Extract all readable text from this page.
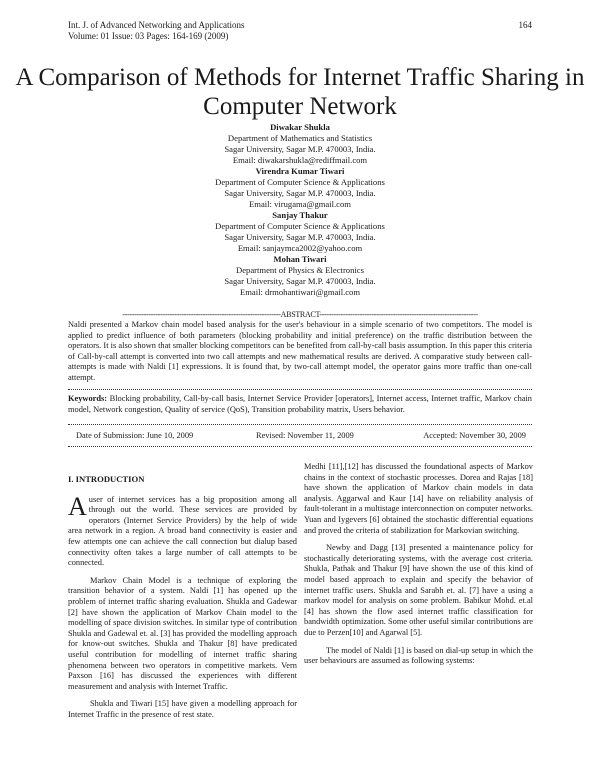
Int. J. of Advanced Networking and Applications
Volume: 01 Issue: 03 Pages: 164-169 (2009)
164
A Comparison of Methods for Internet Traffic Sharing in Computer Network
Diwakar Shukla
Department of Mathematics and Statistics
Sagar University, Sagar M.P. 470003, India.
Email: diwakarshukla@rediffmail.com
Virendra Kumar Tiwari
Department of Computer Science & Applications
Sagar University, Sagar M.P. 470003, India.
Email: virugama@gmail.com
Sanjay Thakur
Department of Computer Science & Applications
Sagar University, Sagar M.P. 470003, India.
Email: sanjaymca2002@yahoo.com
Mohan Tiwari
Department of Physics & Electronics
Sagar University, Sagar M.P. 470003, India.
Email: drmohantiwari@gmail.com
-------------------------------------------------------------------ABSTRACT-------------------------------------------------------------------
Naldi presented a Markov chain model based analysis for the user's behaviour in a simple scenario of two competitors. The model is applied to predict influence of both parameters (blocking probability and initial preference) on the traffic distribution between the operators. It is also shown that smaller blocking competitors can be benefited from call-by-call basis assumption. In this paper this criteria of Call-by-call attempt is converted into two call attempts and new mathematical results are derived. A comparative study between call-attempts is made with Naldi [1] expressions. It is found that, by two-call attempt model, the operator gains more traffic than one-call attempt.
Keywords: Blocking probability, Call-by-call basis, Internet Service Provider [operators], Internet access, Internet traffic, Markov chain model, Network congestion, Quality of service (QoS), Transition probability matrix, Users behavior.
Date of Submission: June 10, 2009	Revised: November 11, 2009	Accepted: November 30, 2009

I. INTRODUCTION

Auser of internet services has a big proposition among all through out the world. These services are provided by operators (Internet Service Providers) by the help of wide area network in a region. A broad band connectivity is easier and few attempts one can achieve the call connection but dialup based connectivity often takes a large number of call attempts to be connected.

Markov Chain Model is a technique of exploring the transition behavior of a system. Naldi [1] has opened up the problem of internet traffic sharing evaluation. Shukla and Gadewar [2] have shown the application of Markov Chain model to the modelling of space division switches. In similar type of contribution Shukla and Gadewal et. al. [3] has provided the modelling approach for know-out switches. Shukla and Thakur [8] have predicated useful contribution for modelling of internet traffic sharing phenomena between two operators in competitive markets. Vern Paxson [16] has discussed the experiences with different measurement and analysis with Internet Traffic.

Shukla and Tiwari [15] have given a modelling approach for Internet Traffic in the presence of rest state.

Medhi [11],[12] has discussed the foundational aspects of Markov chains in the context of stochastic processes. Dorea and Rajas [18] have shown the application of Markov chain models in data analysis. Aggarwal and Kaur [14] have on reliability analysis of fault-tolerant in a multistage interconnection on computer networks. Yuan and Iygevers [6] obtained the stochastic differential equations and proved the criteria of stabilization for Markovian switching.

Newby and Dagg [13] presented a maintenance policy for stochastically deteriorating systems, with the average cost criteria. Shukla, Pathak and Thakur [9] have shown the use of this kind of model based approach to explain and specify the behavior of internet traffic users. Shukla and Sarabh et. al. [7] have a using a markov model for analysis on some problem. Babikur Mohd. et.al [4] has shown the flow ased internet traffic classification for bandwidth optimization. Some other useful similar contributions are due to Perzen[10] and Agarwal [5].

The model of Naldi [1] is based on dial-up setup in which the user behaviours are assumed as following systems:
